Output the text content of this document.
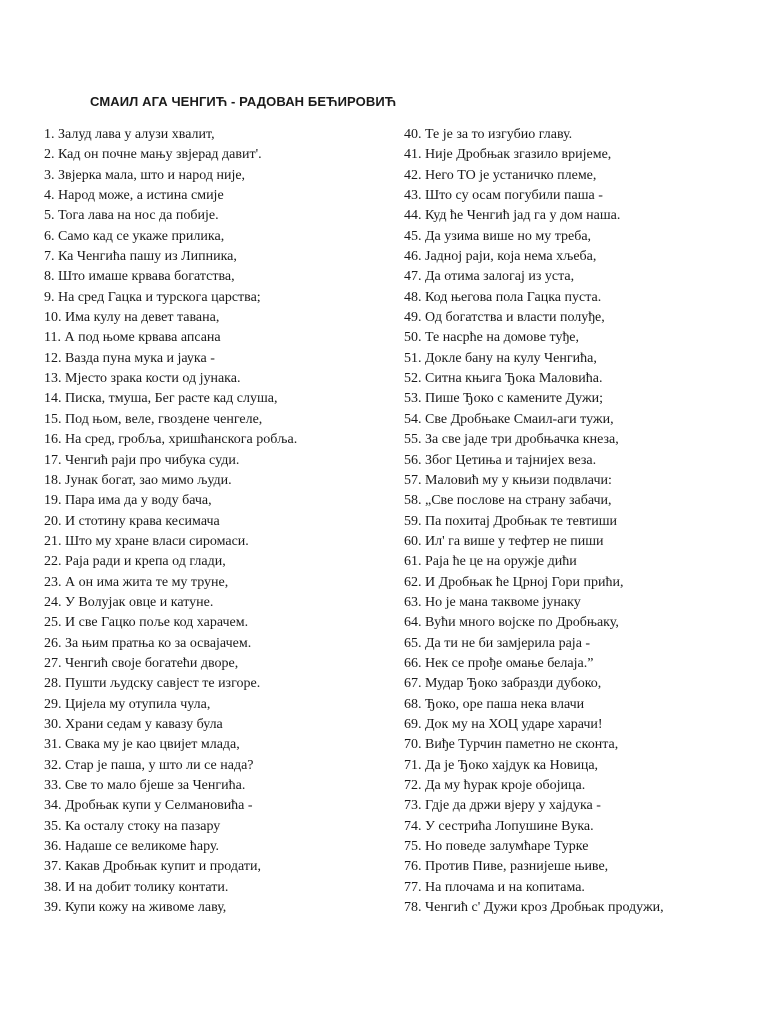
СМАИЛ АГА ЧЕНГИЋ - РАДОВАН БЕЋИРОВИЋ
1. Залуд лава у алузи хвалит,
2. Кад он почне мању звјерад давит'.
3. Звјерка мала, што и народ није,
4. Народ може, а истина смије
5. Тога лава на нос да побије.
6. Само кад се укаже прилика,
7. Ка Ченгића пашу из Липника,
8. Што имаше крвава богатства,
9. На сред Гацка и турскога царства;
10. Има кулу на девет тавана,
11. А под њоме крвава апсана
12. Вазда пуна мука и јаука -
13. Мјесто зрака кости од јунака.
14. Писка, тмуша, Бег расте кад слуша,
15. Под њом, веле, гвоздене ченгеле,
16. На сред, гробља, хришћанскога робља.
17. Ченгић раји про чибука суди.
18. Јунак богат, зао мимо људи.
19. Пара има да у воду бача,
20. И стотину крава кесимача
21. Што му хране власи сиромаси.
22. Раја ради и крепа од глади,
23. А он има жита те му труне,
24. У Волујак овце и катуне.
25. И све Гацко поље код харачем.
26. За њим пратња ко за освајачем.
27. Ченгић своје богатећи дворе,
28. Пушти људску савјест те изгоре.
29. Цијела му отупила чула,
30. Храни седам у кавазу була
31. Свака му је као цвијет млада,
32. Стар је паша, у што ли се нада?
33. Све то мало бјеше за Ченгића.
34. Дробњак купи у Селмановића -
35. Ка осталу стоку на пазару
36. Надаше се великоме ћару.
37. Какав Дробњак купит и продати,
38. И на добит толику контати.
39. Купи кожу на живоме лаву,
40. Те је за то изгубио главу.
41. Није Дробњак згазило вријеме,
42. Него ТО је устаничко племе,
43. Што су осам погубили паша -
44. Куд ће Ченгић јад га у дом наша.
45. Да узима више но му треба,
46. Јадној раји, која нема хљеба,
47. Да отима залогај из уста,
48. Код његова пола Гацка пуста.
49. Од богатства и власти полуђе,
50. Те насрће на домове туђе,
51. Докле бану на кулу Ченгића,
52. Ситна књига Ђока Маловића.
53. Пише Ђоко с камените Дужи;
54. Све Дробњаке Смаил-аги тужи,
55. За све јаде три дробњачка кнеза,
56. Због Цетиња и тајнијех веза.
57. Маловић му у књизи подвлачи:
58. „Све послове на страну забачи,
59. Па похитај Дробњак те тевтиши
60. Ил' га више у тефтер не пиши
61. Раја ће це на оружје дићи
62. И Дробњак ће Црној Гори прићи,
63. Но је мана таквоме јунаку
64. Вући много војске по Дробњаку,
65. Да ти не би замјерила раја -
66. Нек се прође омање белаја.”
67. Мудар Ђоко забразди дубоко,
68. Ђоко, оре паша нека влачи
69. Док му на ХОЦ ударе харачи!
70. Виђе Турчин паметно не сконта,
71. Да је Ђоко хајдук ка Новица,
72. Да му ћурак кроје обојица.
73. Гдје да држи вјеру у хајдука -
74. У сестрића Лопушине Вука.
75. Но поведе залумћаре Турке
76. Против Пиве, разнијеше њиве,
77. На плочама и на копитама.
78. Ченгић с' Дужи кроз Дробњак продужи,
